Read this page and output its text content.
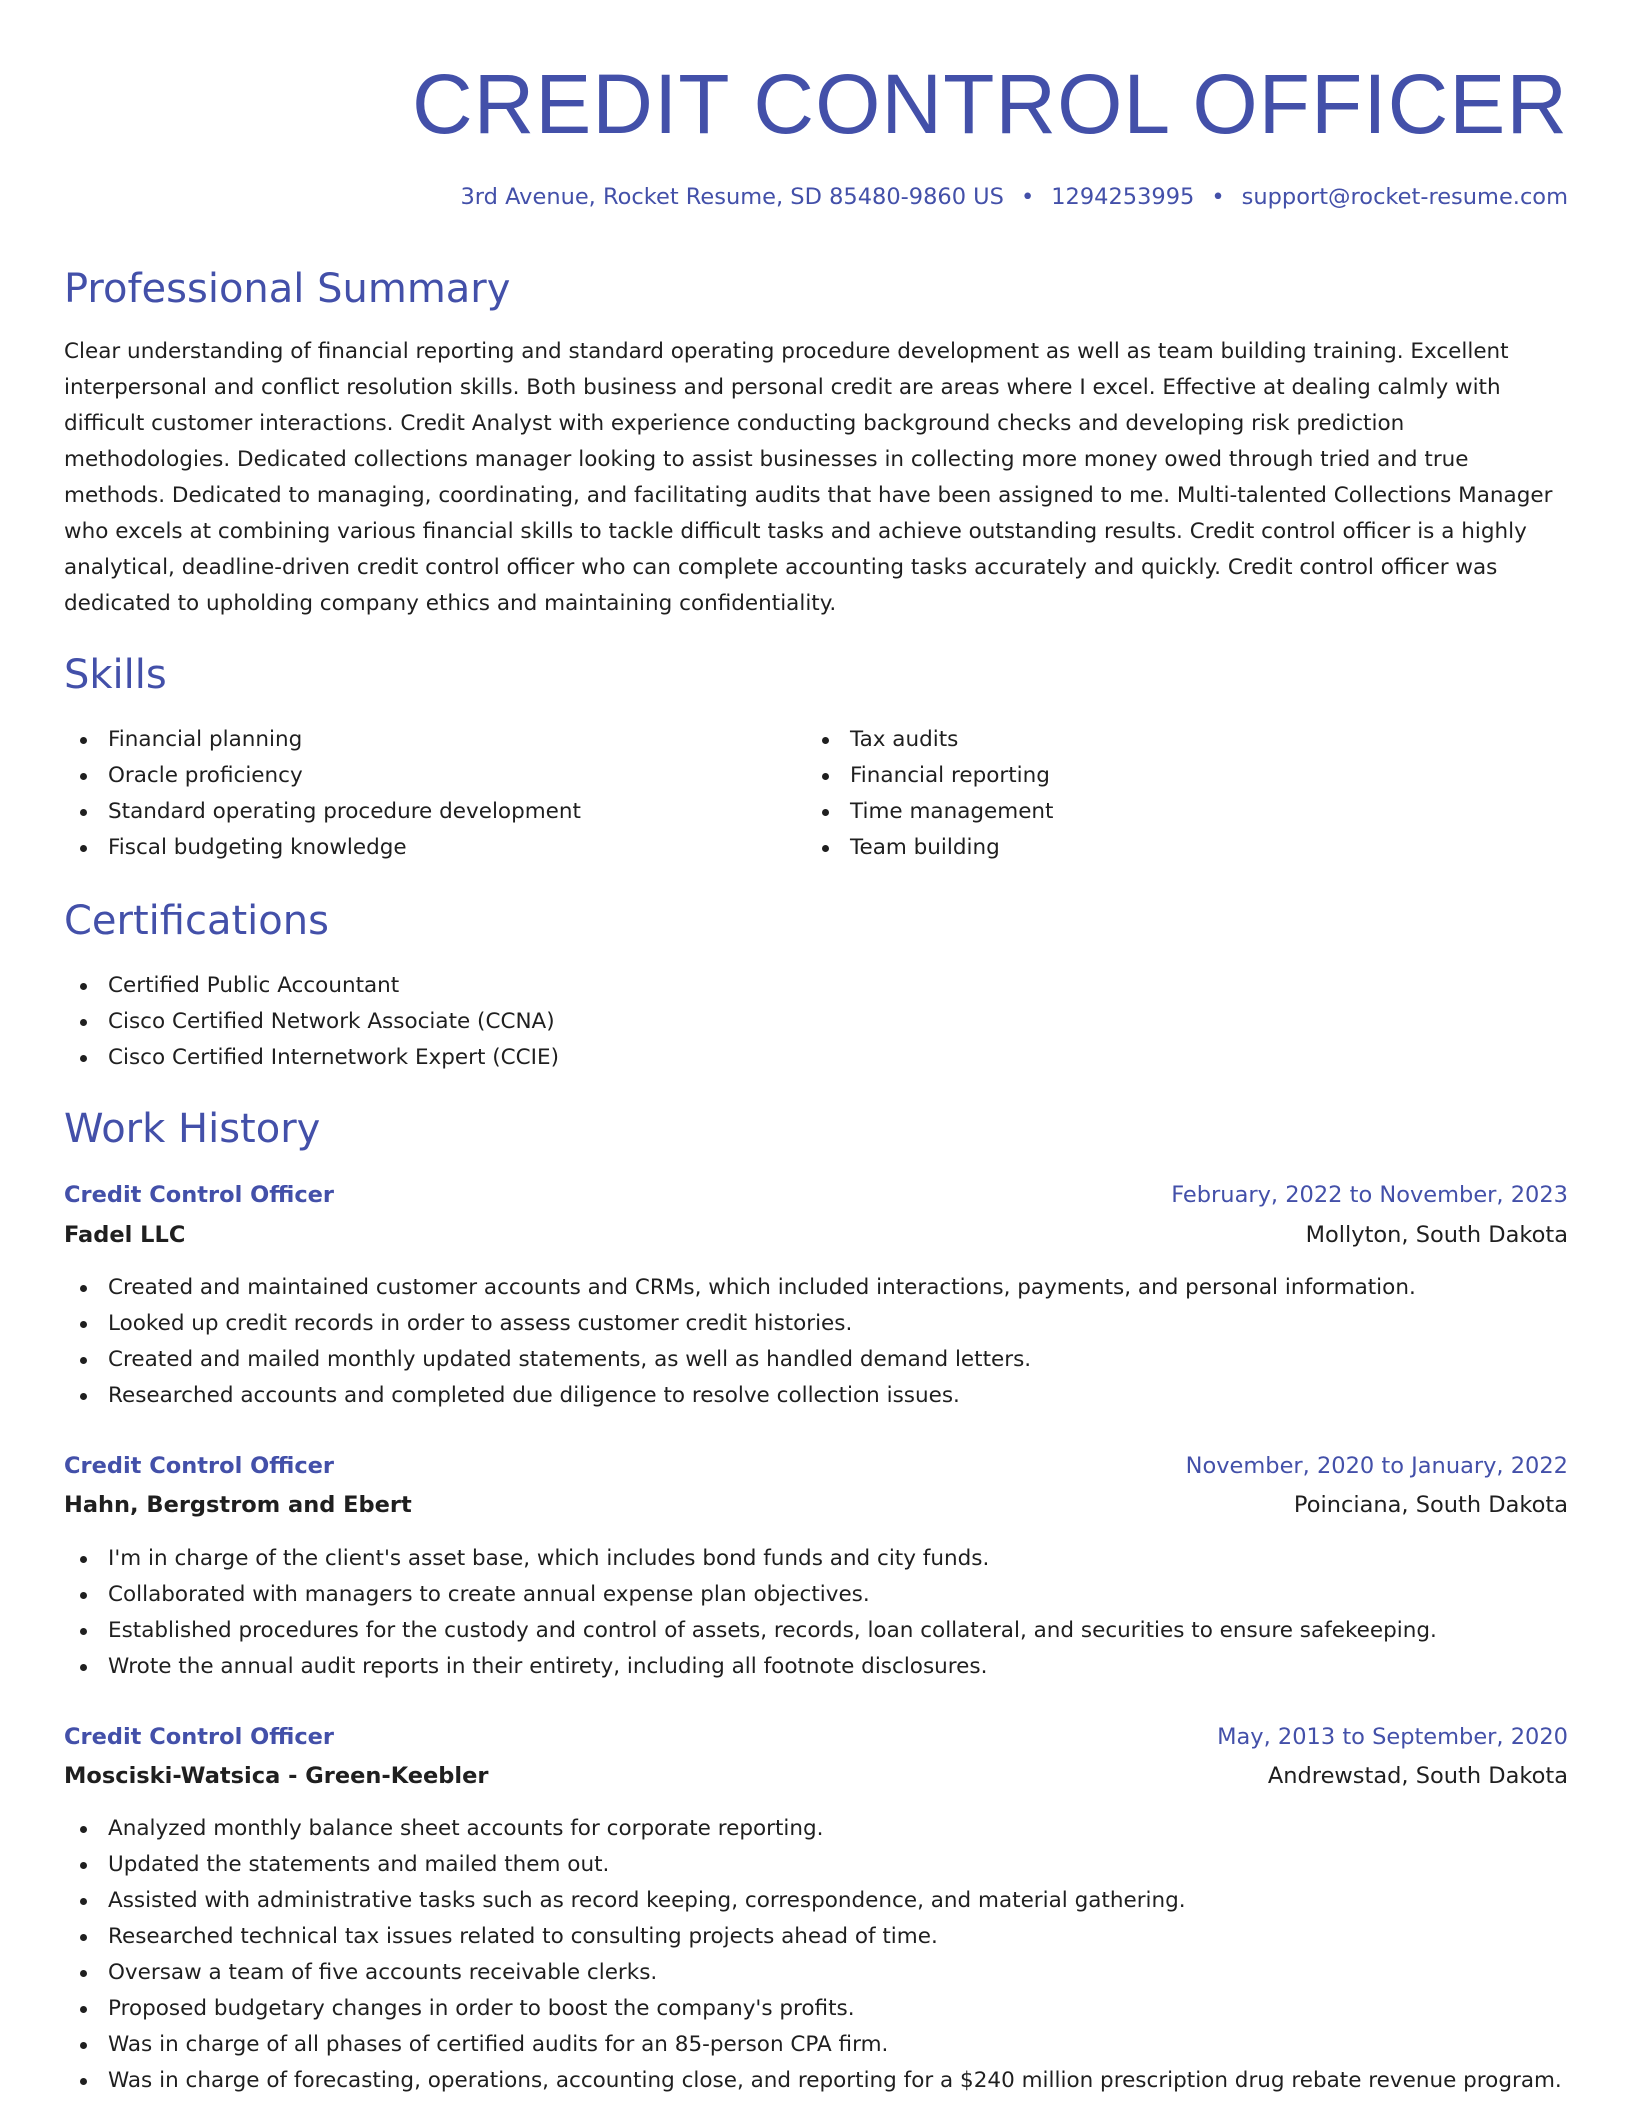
CREDIT CONTROL OFFICER
3rd Avenue, Rocket Resume, SD 85480-9860 US • 1294253995 • support@rocket-resume.com
Professional Summary

Clear understanding of financial reporting and standard operating procedure development as well as team building training. Excellent interpersonal and conflict resolution skills. Both business and personal credit are areas where I excel. Effective at dealing calmly with difficult customer interactions. Credit Analyst with experience conducting background checks and developing risk prediction methodologies. Dedicated collections manager looking to assist businesses in collecting more money owed through tried and true methods. Dedicated to managing, coordinating, and facilitating audits that have been assigned to me. Multi-talented Collections Manager who excels at combining various financial skills to tackle difficult tasks and achieve outstanding results. Credit control officer is a highly analytical, deadline-driven credit control officer who can complete accounting tasks accurately and quickly. Credit control officer was dedicated to upholding company ethics and maintaining confidentiality.

Skills
Financial planning
Oracle proficiency
Standard operating procedure development
Fiscal budgeting knowledge
Tax audits
Financial reporting
Time management
Team building
Certifications
Certified Public Accountant
Cisco Certified Network Associate (CCNA)
Cisco Certified Internetwork Expert (CCIE)
Work History
Credit Control Officer	February, 2022 to November, 2023
Fadel LLC	Mollyton, South Dakota
Created and maintained customer accounts and CRMs, which included interactions, payments, and personal information.
Looked up credit records in order to assess customer credit histories.
Created and mailed monthly updated statements, as well as handled demand letters.
Researched accounts and completed due diligence to resolve collection issues.
Credit Control Officer	November, 2020 to January, 2022
Hahn, Bergstrom and Ebert	Poinciana, South Dakota
I'm in charge of the client's asset base, which includes bond funds and city funds.
Collaborated with managers to create annual expense plan objectives.
Established procedures for the custody and control of assets, records, loan collateral, and securities to ensure safekeeping.
Wrote the annual audit reports in their entirety, including all footnote disclosures.
Credit Control Officer	May, 2013 to September, 2020
Mosciski-Watsica - Green-Keebler	Andrewstad, South Dakota
Analyzed monthly balance sheet accounts for corporate reporting.
Updated the statements and mailed them out.
Assisted with administrative tasks such as record keeping, correspondence, and material gathering.
Researched technical tax issues related to consulting projects ahead of time.
Oversaw a team of five accounts receivable clerks.
Proposed budgetary changes in order to boost the company's profits.
Was in charge of all phases of certified audits for an 85-person CPA firm.
Was in charge of forecasting, operations, accounting close, and reporting for a $240 million prescription drug rebate revenue program.
